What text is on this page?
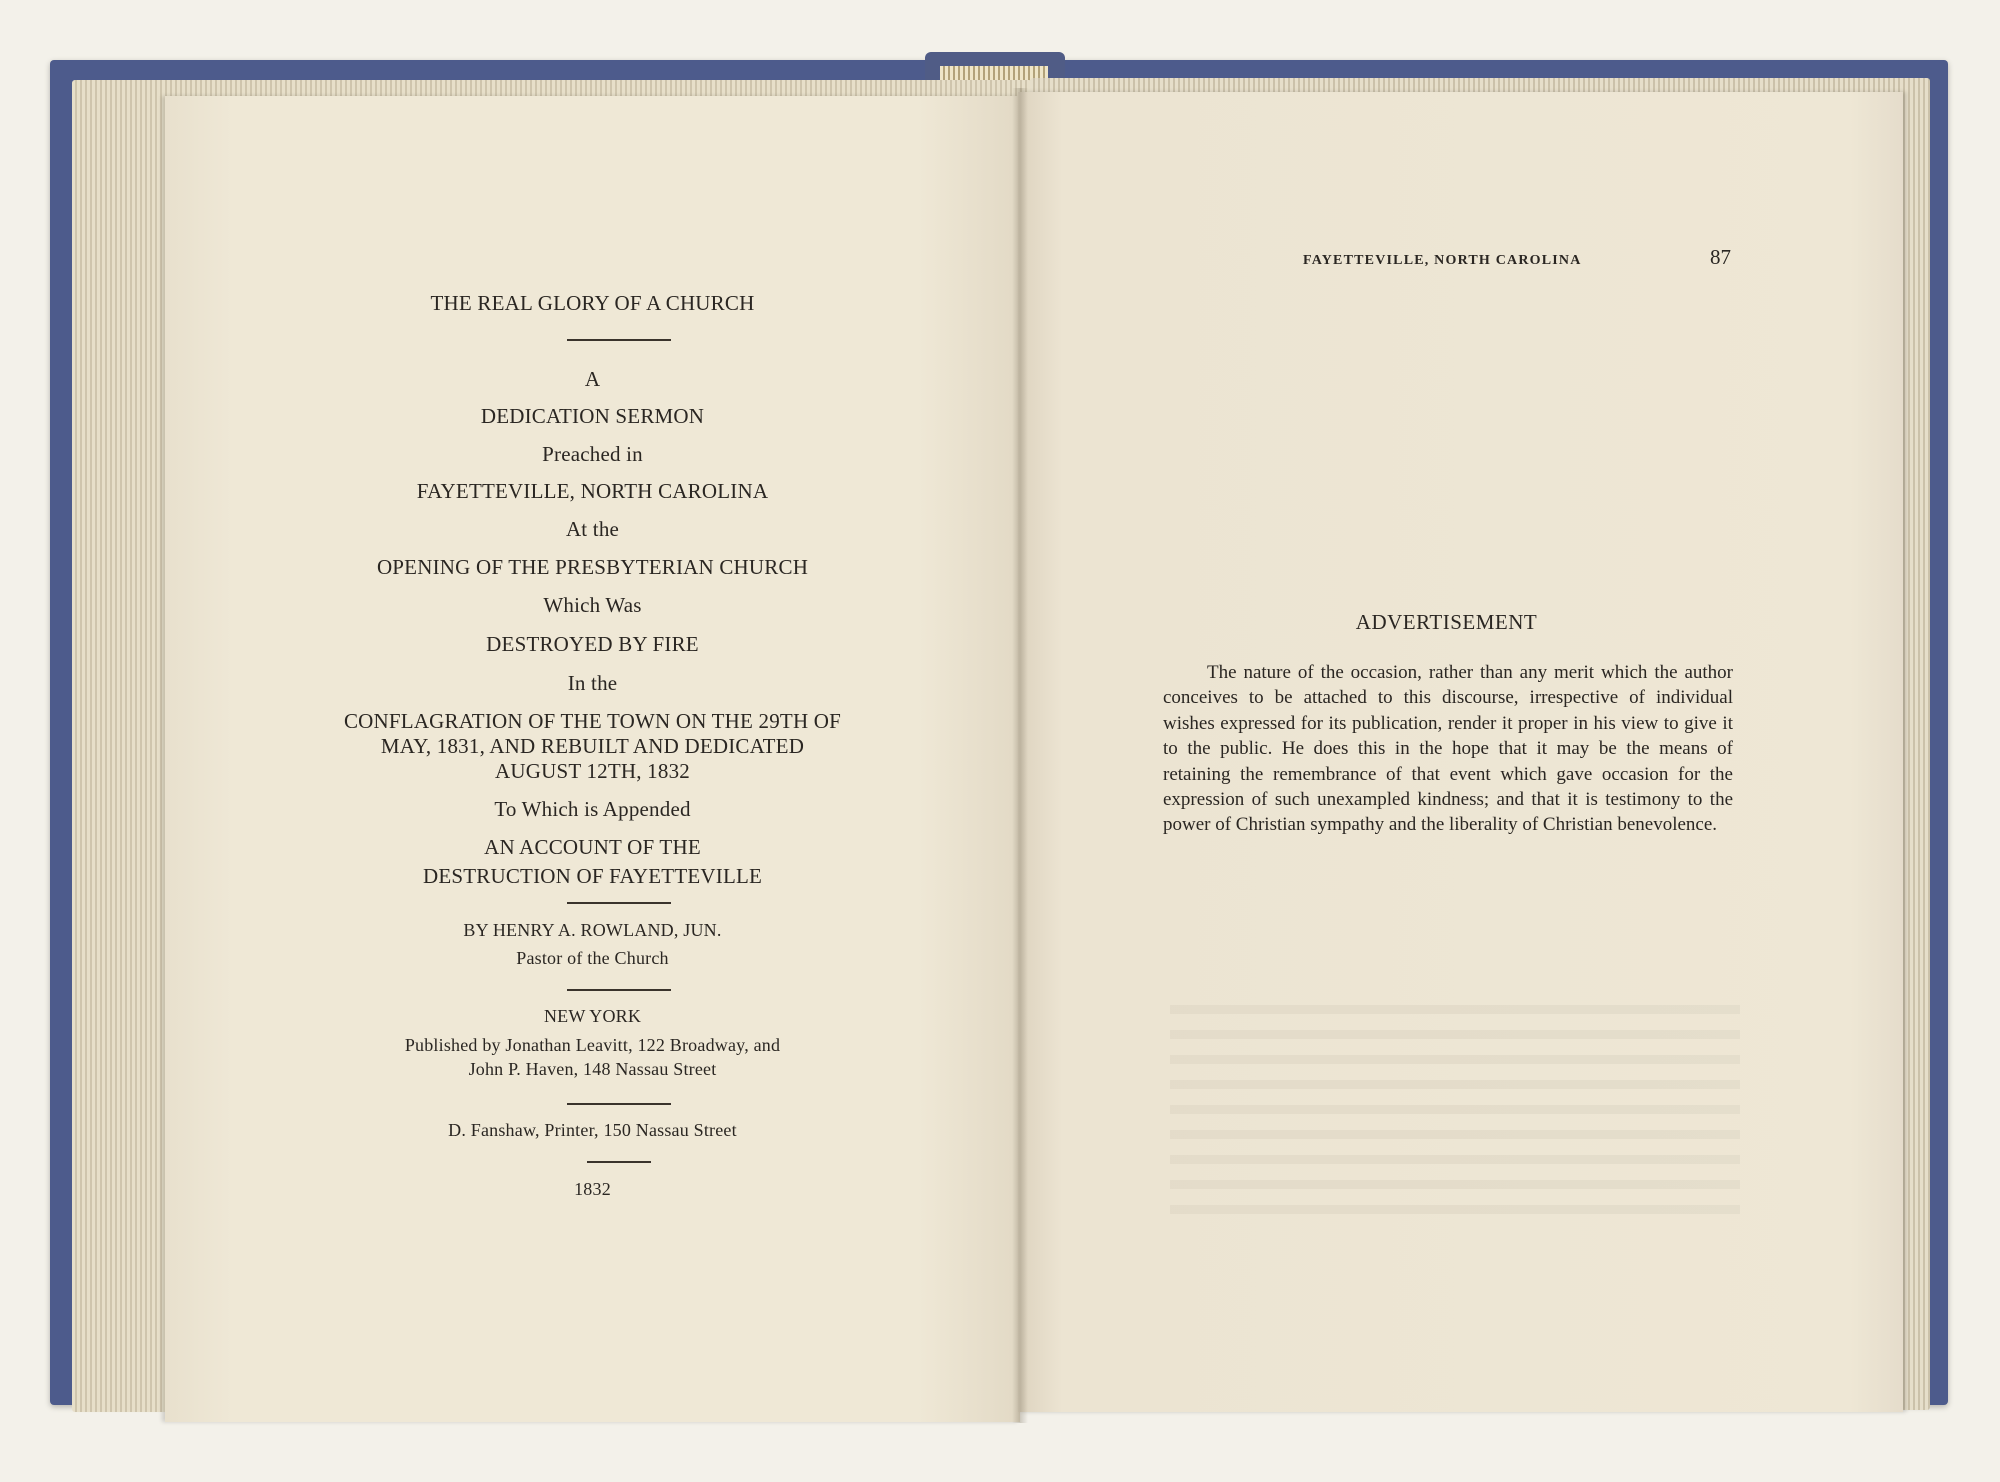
THE REAL GLORY OF A CHURCH
A
DEDICATION SERMON
Preached in
FAYETTEVILLE, NORTH CAROLINA
At the
OPENING OF THE PRESBYTERIAN CHURCH
Which Was
DESTROYED BY FIRE
In the
CONFLAGRATION OF THE TOWN ON THE 29TH OF
MAY, 1831, AND REBUILT AND DEDICATED
AUGUST 12TH, 1832
To Which is Appended
AN ACCOUNT OF THE
DESTRUCTION OF FAYETTEVILLE
BY HENRY A. ROWLAND, JUN.
Pastor of the Church
NEW YORK
Published by Jonathan Leavitt, 122 Broadway, and
John P. Haven, 148 Nassau Street
D. Fanshaw, Printer, 150 Nassau Street
1832
FAYETTEVILLE, NORTH CAROLINA	87
ADVERTISEMENT
The nature of the occasion, rather than any merit which the author conceives to be attached to this discourse, irrespective of individual wishes expressed for its publication, render it proper in his view to give it to the public. He does this in the hope that it may be the means of retaining the remembrance of that event which gave occasion for the expression of such unexampled kindness; and that it is testimony to the power of Christian sympathy and the liberality of Christian benevolence.
